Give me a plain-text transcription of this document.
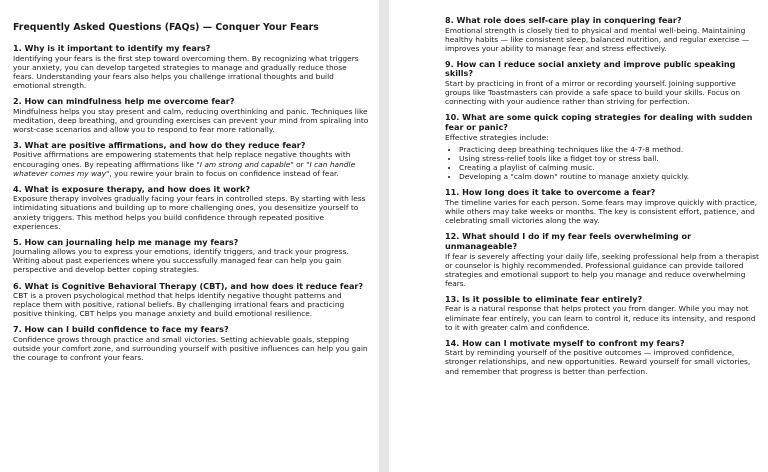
Frequently Asked Questions (FAQs) — Conquer Your Fears

1. Why is it important to identify my fears?

Identifying your fears is the first step toward overcoming them. By recognizing what triggers your anxiety, you can develop targeted strategies to manage and gradually reduce those fears. Understanding your fears also helps you challenge irrational thoughts and build emotional strength.

2. How can mindfulness help me overcome fear?

Mindfulness helps you stay present and calm, reducing overthinking and panic. Techniques like meditation, deep breathing, and grounding exercises can prevent your mind from spiraling into worst-case scenarios and allow you to respond to fear more rationally.

3. What are positive affirmations, and how do they reduce fear?

Positive affirmations are empowering statements that help replace negative thoughts with encouraging ones. By repeating affirmations like "I am strong and capable" or "I can handle whatever comes my way", you rewire your brain to focus on confidence instead of fear.

4. What is exposure therapy, and how does it work?

Exposure therapy involves gradually facing your fears in controlled steps. By starting with less intimidating situations and building up to more challenging ones, you desensitize yourself to anxiety triggers. This method helps you build confidence through repeated positive experiences.

5. How can journaling help me manage my fears?

Journaling allows you to express your emotions, identify triggers, and track your progress. Writing about past experiences where you successfully managed fear can help you gain perspective and develop better coping strategies.

6. What is Cognitive Behavioral Therapy (CBT), and how does it reduce fear?

CBT is a proven psychological method that helps identify negative thought patterns and replace them with positive, rational beliefs. By challenging irrational fears and practicing positive thinking, CBT helps you manage anxiety and build emotional resilience.

7. How can I build confidence to face my fears?

Confidence grows through practice and small victories. Setting achievable goals, stepping outside your comfort zone, and surrounding yourself with positive influences can help you gain the courage to confront your fears.

8. What role does self-care play in conquering fear?

Emotional strength is closely tied to physical and mental well-being. Maintaining healthy habits — like consistent sleep, balanced nutrition, and regular exercise — improves your ability to manage fear and stress effectively.

9. How can I reduce social anxiety and improve public speaking skills?

Start by practicing in front of a mirror or recording yourself. Joining supportive groups like Toastmasters can provide a safe space to build your skills. Focus on connecting with your audience rather than striving for perfection.

10. What are some quick coping strategies for dealing with sudden fear or panic?

Effective strategies include:

• Practicing deep breathing techniques like the 4-7-8 method.
• Using stress-relief tools like a fidget toy or stress ball.
• Creating a playlist of calming music.
• Developing a "calm down" routine to manage anxiety quickly.

11. How long does it take to overcome a fear?

The timeline varies for each person. Some fears may improve quickly with practice, while others may take weeks or months. The key is consistent effort, patience, and celebrating small victories along the way.

12. What should I do if my fear feels overwhelming or unmanageable?

If fear is severely affecting your daily life, seeking professional help from a therapist or counselor is highly recommended. Professional guidance can provide tailored strategies and emotional support to help you manage and reduce overwhelming fears.

13. Is it possible to eliminate fear entirely?

Fear is a natural response that helps protect you from danger. While you may not eliminate fear entirely, you can learn to control it, reduce its intensity, and respond to it with greater calm and confidence.

14. How can I motivate myself to confront my fears?

Start by reminding yourself of the positive outcomes — improved confidence, stronger relationships, and new opportunities. Reward yourself for small victories, and remember that progress is better than perfection.
